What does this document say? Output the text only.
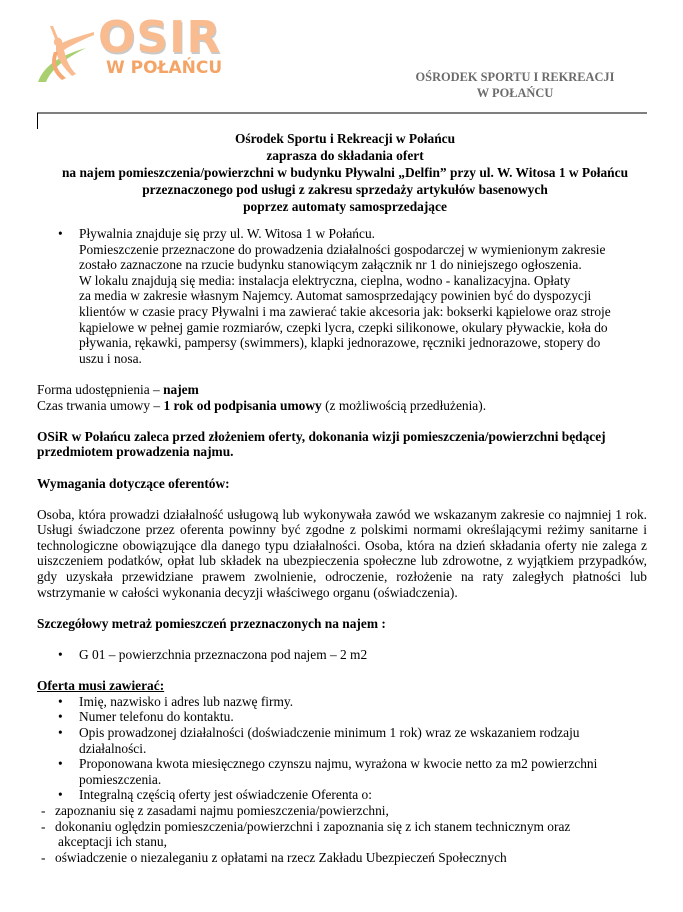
OSIR
W POŁAŃCU	OŚRODEK SPORTU I REKREACJI
W POŁAŃCU
Ośrodek Sportu i Rekreacji w Połańcu
zaprasza do składania ofert
na najem pomieszczenia/powierzchni w budynku Pływalni „Delfin” przy ul. W. Witosa 1 w Połańcu
przeznaczonego pod usługi z zakresu sprzedaży artykułów basenowych
poprzez automaty samosprzedające
• Pływalnia znajduje się przy ul. W. Witosa 1 w Połańcu.
Pomieszczenie przeznaczone do prowadzenia działalności gospodarczej w wymienionym zakresie
zostało zaznaczone na rzucie budynku stanowiącym załącznik nr 1 do niniejszego ogłoszenia.
W lokalu znajdują się media: instalacja elektryczna, cieplna, wodno - kanalizacyjna. Opłaty
za media w zakresie własnym Najemcy. Automat samosprzedający powinien być do dyspozycji
klientów w czasie pracy Pływalni i ma zawierać takie akcesoria jak: bokserki kąpielowe oraz stroje
kąpielowe w pełnej gamie rozmiarów, czepki lycra, czepki silikonowe, okulary pływackie, koła do
pływania, rękawki, pampersy (swimmers), klapki jednorazowe, ręczniki jednorazowe, stopery do
uszu i nosa.
Forma udostępnienia – najem
Czas trwania umowy – 1 rok od podpisania umowy (z możliwością przedłużenia).
OSiR w Połańcu zaleca przed złożeniem oferty, dokonania wizji pomieszczenia/powierzchni będącej
przedmiotem prowadzenia najmu.
Wymagania dotyczące oferentów:
Osoba, która prowadzi działalność usługową lub wykonywała zawód we wskazanym zakresie co najmniej 1 rok. Usługi świadczone przez oferenta powinny być zgodne z polskimi normami określającymi reżimy sanitarne i technologiczne obowiązujące dla danego typu działalności. Osoba, która na dzień składania oferty nie zalega z uiszczeniem podatków, opłat lub składek na ubezpieczenia społeczne lub zdrowotne, z wyjątkiem przypadków, gdy uzyskała przewidziane prawem zwolnienie, odroczenie, rozłożenie na raty zaległych płatności lub wstrzymanie w całości wykonania decyzji właściwego organu (oświadczenia).
Szczegółowy metraż pomieszczeń przeznaczonych na najem :
• G 01 – powierzchnia przeznaczona pod najem – 2 m2
Oferta musi zawierać:
• Imię, nazwisko i adres lub nazwę firmy.
• Numer telefonu do kontaktu.
• Opis prowadzonej działalności (doświadczenie minimum 1 rok) wraz ze wskazaniem rodzaju działalności.
• Proponowana kwota miesięcznego czynszu najmu, wyrażona w kwocie netto za m2 powierzchni pomieszczenia.
• Integralną częścią oferty jest oświadczenie Oferenta o:
- zapoznaniu się z zasadami najmu pomieszczenia/powierzchni,
- dokonaniu oględzin pomieszczenia/powierzchni i zapoznania się z ich stanem technicznym oraz
akceptacji ich stanu,
- oświadczenie o niezaleganiu z opłatami na rzecz Zakładu Ubezpieczeń Społecznych
